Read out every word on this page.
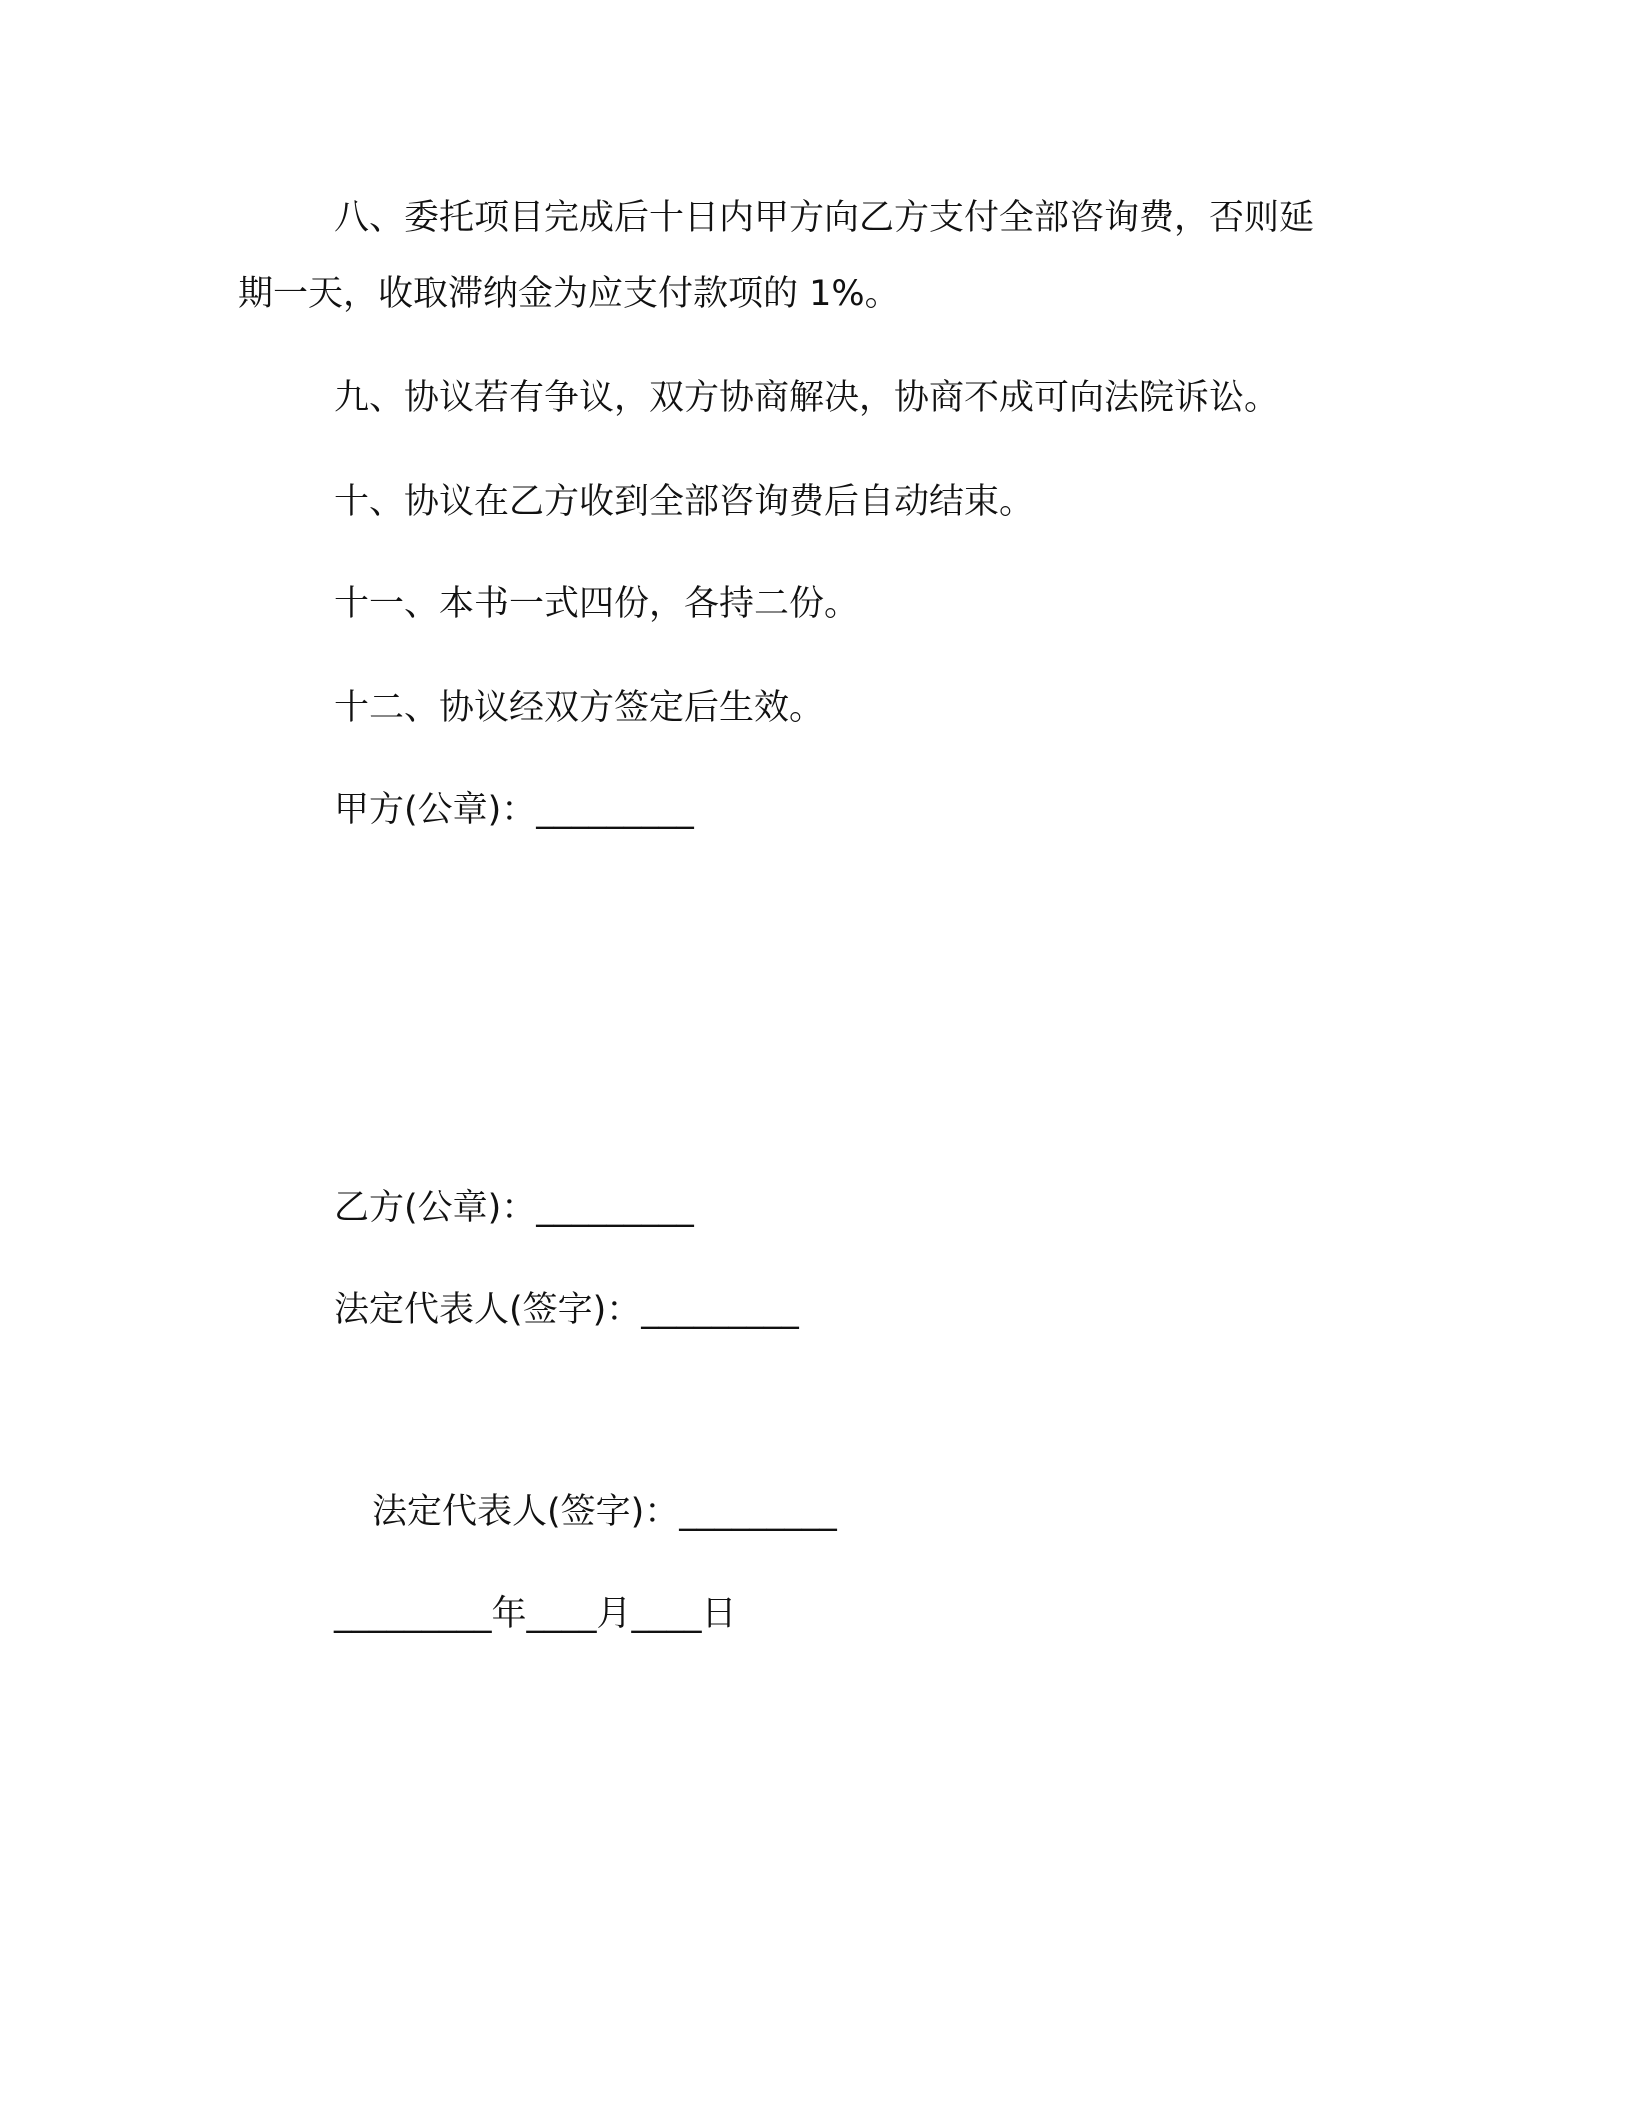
八、委托项目完成后十日内甲方向乙方支付全部咨询费，否则延
期一天，收取滞纳金为应支付款项的 1%。
九、协议若有争议，双方协商解决，协商不成可向法院诉讼。
十、协议在乙方收到全部咨询费后自动结束。
十一、本书一式四份，各持二份。
十二、协议经双方签定后生效。
甲方(公章)：_________
乙方(公章)：_________
法定代表人(签字)：_________
法定代表人(签字)：_________
_________年____月____日
